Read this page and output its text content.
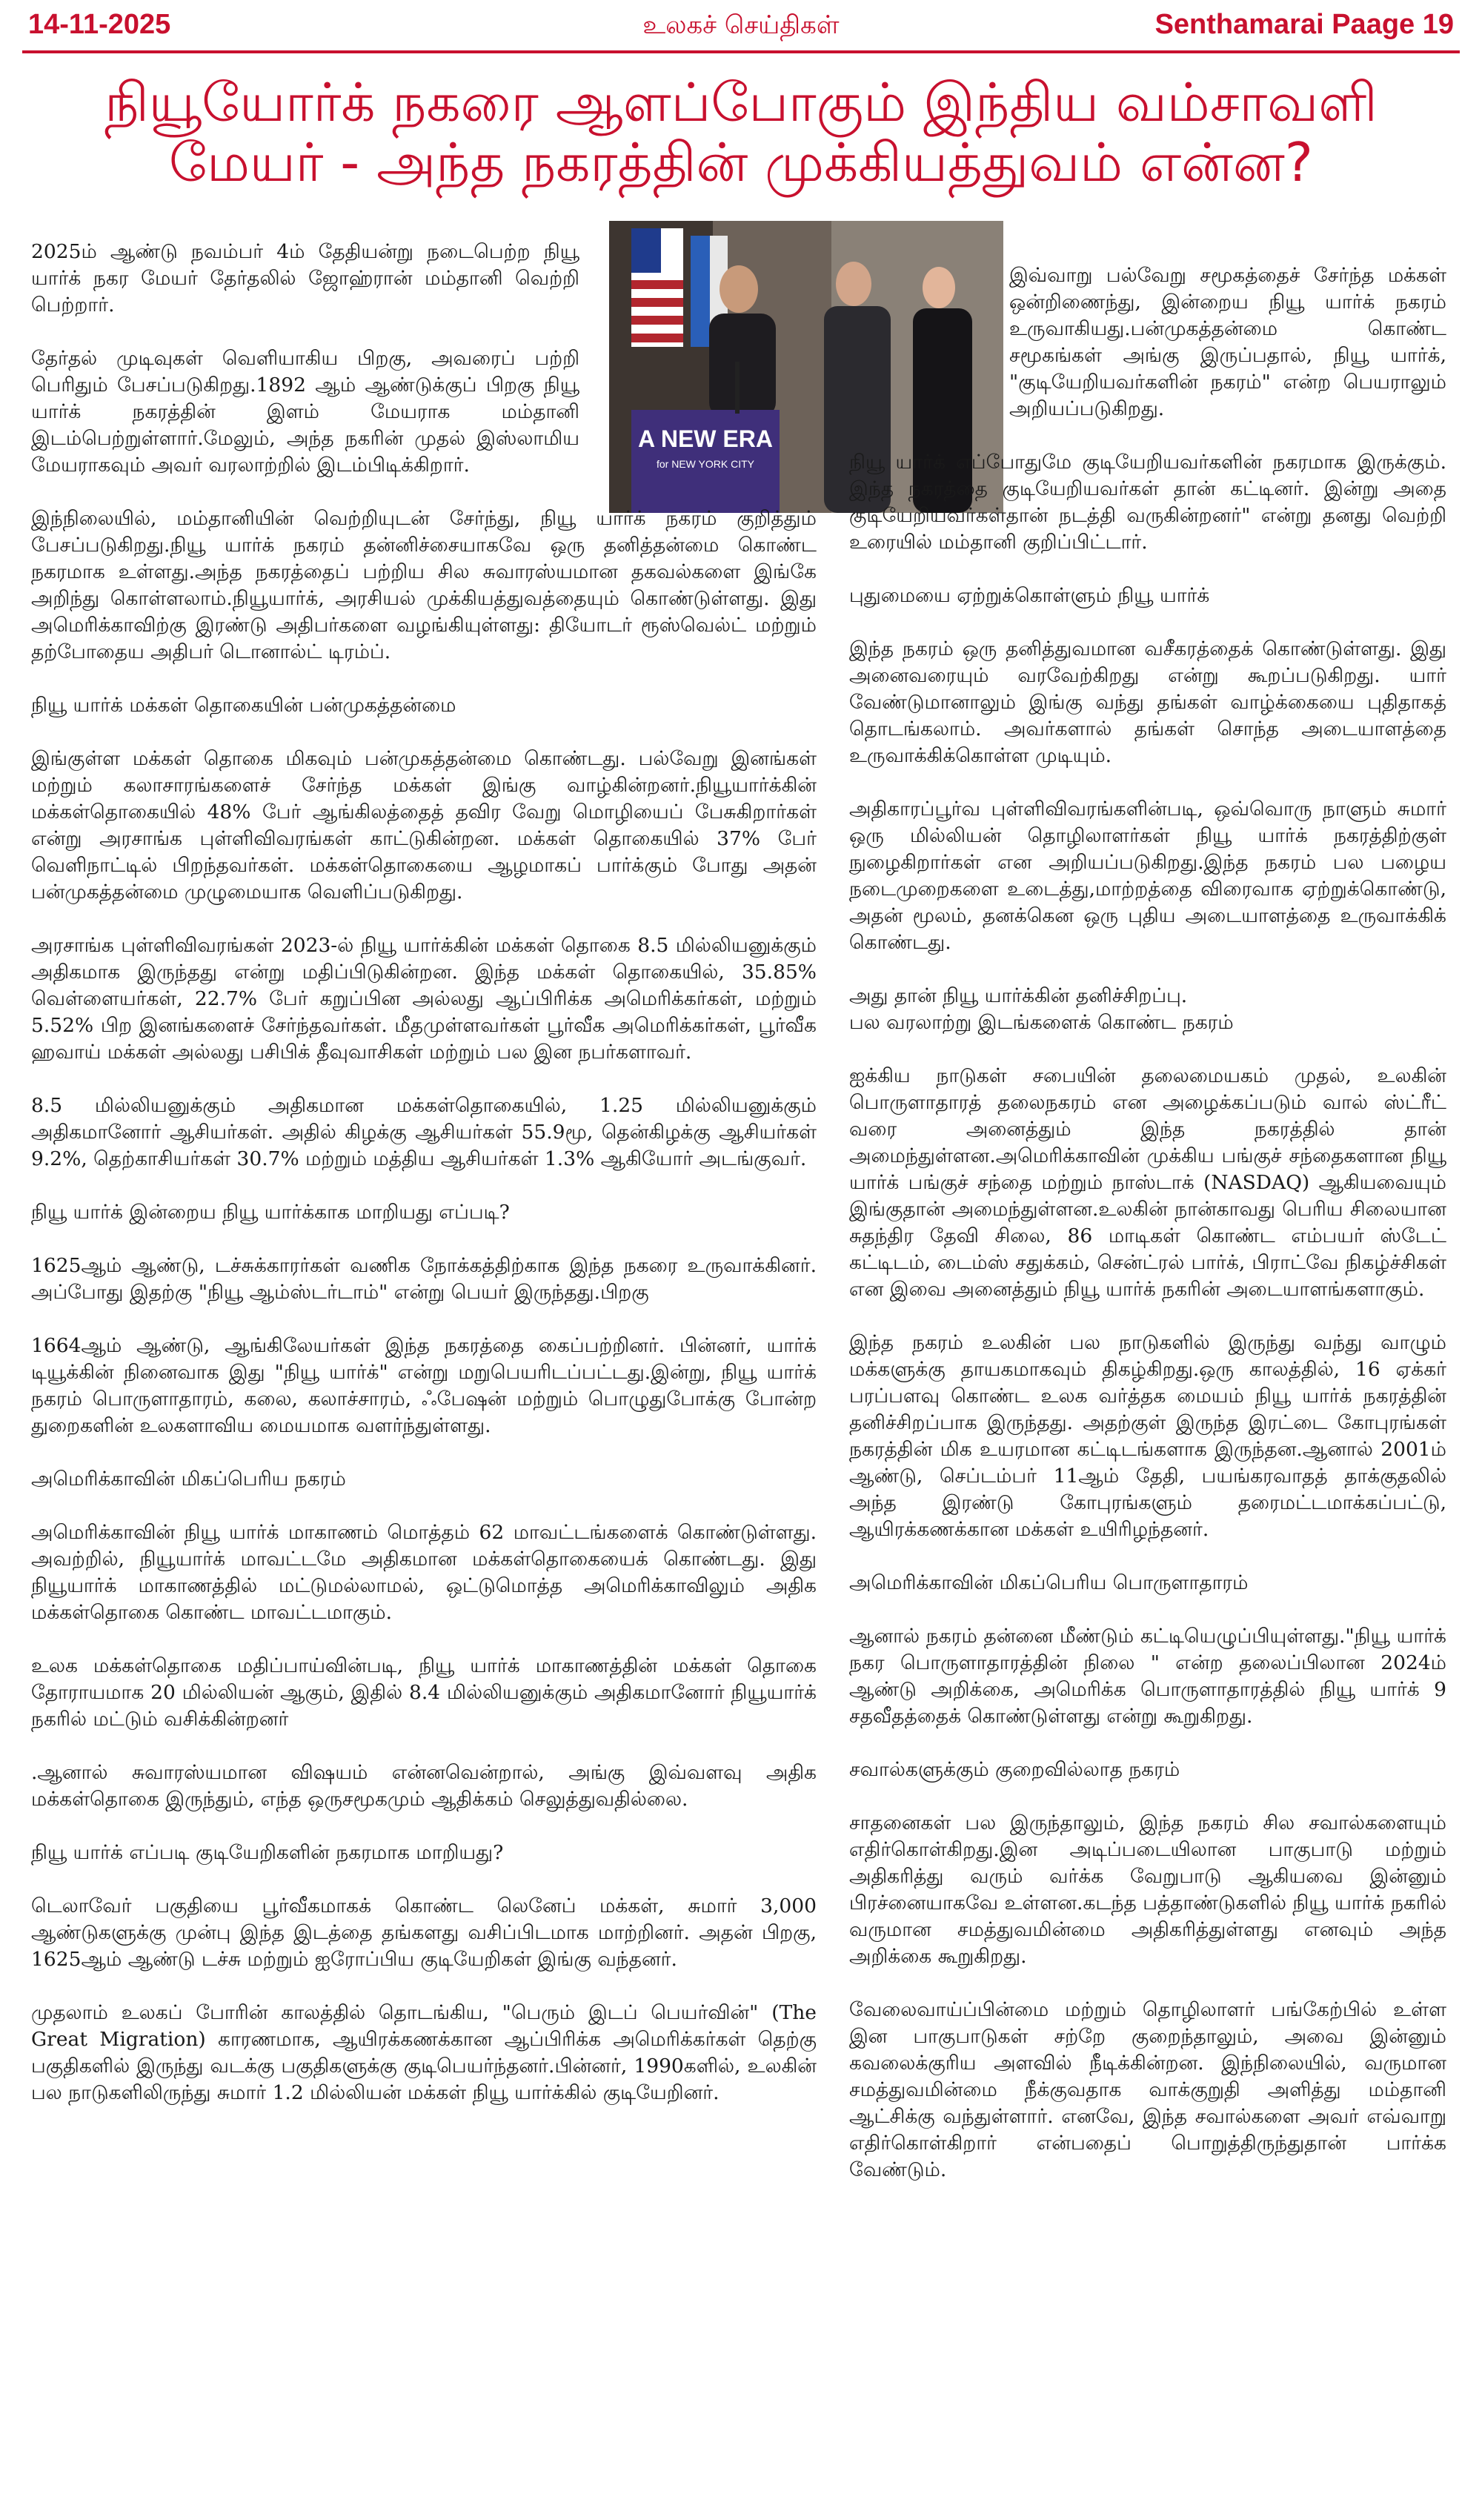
14-11-2025	உலகச் செய்திகள்	Senthamarai Paage 19
நியூயோர்க் நகரை ஆளப்போகும் இந்திய வம்சாவளி
மேயர் - அந்த நகரத்தின் முக்கியத்துவம் என்ன?
A NEW ERA
for NEW YORK CITY

2025ம் ஆண்டு நவம்பர் 4ம் தேதியன்று நடைபெற்ற நியூ யார்க் நகர மேயர் தேர்தலில் ஜோஹ்ரான் மம்தானி வெற்றி பெற்றார்.

தேர்தல் முடிவுகள் வெளியாகிய பிறகு, அவரைப் பற்றி பெரிதும் பேசப்படுகிறது.1892 ஆம் ஆண்டுக்குப் பிறகு நியூ யார்க் நகரத்தின் இளம் மேயராக மம்தானி இடம்பெற்றுள்ளார்.மேலும், அந்த நகரின் முதல் இஸ்லாமிய மேயராகவும் அவர் வரலாற்றில் இடம்பிடிக்கிறார்.

இந்நிலையில், மம்தானியின் வெற்றியுடன் சேர்ந்து, நியூ யார்க் நகரம் குறித்தும் பேசப்படுகிறது.நியூ யார்க் நகரம் தன்னிச்சையாகவே ஒரு தனித்தன்மை கொண்ட நகரமாக உள்ளது.அந்த நகரத்தைப் பற்றிய சில சுவாரஸ்யமான தகவல்களை இங்கே அறிந்து கொள்ளலாம்.நியூயார்க், அரசியல் முக்கியத்துவத்தையும் கொண்டுள்ளது. இது அமெரிக்காவிற்கு இரண்டு அதிபர்களை வழங்கியுள்ளது: தியோடர் ரூஸ்வெல்ட் மற்றும் தற்போதைய அதிபர் டொனால்ட் டிரம்ப்.

நியூ யார்க் மக்கள் தொகையின் பன்முகத்தன்மை

இங்குள்ள மக்கள் தொகை மிகவும் பன்முகத்தன்மை கொண்டது. பல்வேறு இனங்கள் மற்றும் கலாசாரங்களைச் சேர்ந்த மக்கள் இங்கு வாழ்கின்றனர்.நியூயார்க்கின் மக்கள்தொகையில் 48% பேர் ஆங்கிலத்தைத் தவிர வேறு மொழியைப் பேசுகிறார்கள் என்று அரசாங்க புள்ளிவிவரங்கள் காட்டுகின்றன. மக்கள் தொகையில் 37% பேர் வெளிநாட்டில் பிறந்தவர்கள். மக்கள்தொகையை ஆழமாகப் பார்க்கும் போது அதன் பன்முகத்தன்மை முழுமையாக வெளிப்படுகிறது.

அரசாங்க புள்ளிவிவரங்கள் 2023-ல் நியூ யார்க்கின் மக்கள் தொகை 8.5 மில்லியனுக்கும் அதிகமாக இருந்தது என்று மதிப்பிடுகின்றன. இந்த மக்கள் தொகையில், 35.85% வெள்ளையர்கள், 22.7% பேர் கறுப்பின அல்லது ஆப்பிரிக்க அமெரிக்கர்கள், மற்றும் 5.52% பிற இனங்களைச் சேர்ந்தவர்கள். மீதமுள்ளவர்கள் பூர்வீக அமெரிக்கர்கள், பூர்வீக ஹவாய் மக்கள் அல்லது பசிபிக் தீவுவாசிகள் மற்றும் பல இன நபர்களாவர்.

8.5 மில்லியனுக்கும் அதிகமான மக்கள்தொகையில், 1.25 மில்லியனுக்கும் அதிகமானோர் ஆசியர்கள். அதில் கிழக்கு ஆசியர்கள் 55.9மூ, தென்கிழக்கு ஆசியர்கள் 9.2%, தெற்காசியர்கள் 30.7% மற்றும் மத்திய ஆசியர்கள் 1.3% ஆகியோர் அடங்குவர்.

நியூ யார்க் இன்றைய நியூ யார்க்காக மாறியது எப்படி?

1625ஆம் ஆண்டு, டச்சுக்காரர்கள் வணிக நோக்கத்திற்காக இந்த நகரை உருவாக்கினர். அப்போது இதற்கு "நியூ ஆம்ஸ்டர்டாம்" என்று பெயர் இருந்தது.பிறகு

1664ஆம் ஆண்டு, ஆங்கிலேயர்கள் இந்த நகரத்தை கைப்பற்றினர். பின்னர், யார்க் டியூக்கின் நினைவாக இது "நியூ யார்க்" என்று மறுபெயரிடப்பட்டது.இன்று, நியூ யார்க் நகரம் பொருளாதாரம், கலை, கலாச்சாரம், ஃபேஷன் மற்றும் பொழுதுபோக்கு போன்ற துறைகளின் உலகளாவிய மையமாக வளர்ந்துள்ளது.

அமெரிக்காவின் மிகப்பெரிய நகரம்

அமெரிக்காவின் நியூ யார்க் மாகாணம் மொத்தம் 62 மாவட்டங்களைக் கொண்டுள்ளது. அவற்றில், நியூயார்க் மாவட்டமே அதிகமான மக்கள்தொகையைக் கொண்டது. இது நியூயார்க் மாகாணத்தில் மட்டுமல்லாமல், ஒட்டுமொத்த அமெரிக்காவிலும் அதிக மக்கள்தொகை கொண்ட மாவட்டமாகும்.

உலக மக்கள்தொகை மதிப்பாய்வின்படி, நியூ யார்க் மாகாணத்தின் மக்கள் தொகை தோராயமாக 20 மில்லியன் ஆகும், இதில் 8.4 மில்லியனுக்கும் அதிகமானோர் நியூயார்க் நகரில் மட்டும் வசிக்கின்றனர்

.ஆனால் சுவாரஸ்யமான விஷயம் என்னவென்றால், அங்கு இவ்வளவு அதிக மக்கள்தொகை இருந்தும், எந்த ஒருசமூகமும் ஆதிக்கம் செலுத்துவதில்லை.

நியூ யார்க் எப்படி குடியேறிகளின் நகரமாக மாறியது?

டெலாவேர் பகுதியை பூர்வீகமாகக் கொண்ட லெனேப் மக்கள், சுமார் 3,000 ஆண்டுகளுக்கு முன்பு இந்த இடத்தை தங்களது வசிப்பிடமாக மாற்றினர். அதன் பிறகு, 1625ஆம் ஆண்டு டச்சு மற்றும் ஐரோப்பிய குடியேறிகள் இங்கு வந்தனர்.

முதலாம் உலகப் போரின் காலத்தில் தொடங்கிய, "பெரும் இடப் பெயர்வின்" (The Great Migration) காரணமாக, ஆயிரக்கணக்கான ஆப்பிரிக்க அமெரிக்கர்கள் தெற்கு பகுதிகளில் இருந்து வடக்கு பகுதிகளுக்கு குடிபெயர்ந்தனர்.பின்னர், 1990களில், உலகின் பல நாடுகளிலிருந்து சுமார் 1.2 மில்லியன் மக்கள் நியூ யார்க்கில் குடியேறினர்.

இவ்வாறு பல்வேறு சமூகத்தைச் சேர்ந்த மக்கள் ஒன்றிணைந்து, இன்றைய நியூ யார்க் நகரம் உருவாகியது.பன்முகத்தன்மை கொண்ட சமூகங்கள் அங்கு இருப்பதால், நியூ யார்க், "குடியேறியவர்களின் நகரம்" என்ற பெயராலும் அறியப்படுகிறது.

நியூ யார்க் எப்போதுமே குடியேறியவர்களின் நகரமாக இருக்கும். இந்த நகரத்தை குடியேறியவர்கள் தான் கட்டினர். இன்று அதை குடியேறியவர்கள்தான் நடத்தி வருகின்றனர்" என்று தனது வெற்றி உரையில் மம்தானி குறிப்பிட்டார்.

புதுமையை ஏற்றுக்கொள்ளும் நியூ யார்க்

இந்த நகரம் ஒரு தனித்துவமான வசீகரத்தைக் கொண்டுள்ளது. இது அனைவரையும் வரவேற்கிறது என்று கூறப்படுகிறது. யார் வேண்டுமானாலும் இங்கு வந்து தங்கள் வாழ்க்கையை புதிதாகத் தொடங்கலாம். அவர்களால் தங்கள் சொந்த அடையாளத்தை உருவாக்கிக்கொள்ள முடியும்.

அதிகாரப்பூர்வ புள்ளிவிவரங்களின்படி, ஒவ்வொரு நாளும் சுமார் ஒரு மில்லியன் தொழிலாளர்கள் நியூ யார்க் நகரத்திற்குள் நுழைகிறார்கள் என அறியப்படுகிறது.இந்த நகரம் பல பழைய நடைமுறைகளை உடைத்து,மாற்றத்தை விரைவாக ஏற்றுக்கொண்டு, அதன் மூலம், தனக்கென ஒரு புதிய அடையாளத்தை உருவாக்கிக் கொண்டது.

அது தான் நியூ யார்க்கின் தனிச்சிறப்பு.
பல வரலாற்று இடங்களைக் கொண்ட நகரம்

ஐக்கிய நாடுகள் சபையின் தலைமையகம் முதல், உலகின் பொருளாதாரத் தலைநகரம் என அழைக்கப்படும் வால் ஸ்ட்ரீட் வரை அனைத்தும் இந்த நகரத்தில் தான் அமைந்துள்ளன.அமெரிக்காவின் முக்கிய பங்குச் சந்தைகளான நியூ யார்க் பங்குச் சந்தை மற்றும் நாஸ்டாக் (NASDAQ) ஆகியவையும் இங்குதான் அமைந்துள்ளன.உலகின் நான்காவது பெரிய சிலையான சுதந்திர தேவி சிலை, 86 மாடிகள் கொண்ட எம்பயர் ஸ்டேட் கட்டிடம், டைம்ஸ் சதுக்கம், சென்ட்ரல் பார்க், பிராட்வே நிகழ்ச்சிகள் என இவை அனைத்தும் நியூ யார்க் நகரின் அடையாளங்களாகும்.

இந்த நகரம் உலகின் பல நாடுகளில் இருந்து வந்து வாழும் மக்களுக்கு தாயகமாகவும் திகழ்கிறது.ஒரு காலத்தில், 16 ஏக்கர் பரப்பளவு கொண்ட உலக வர்த்தக மையம் நியூ யார்க் நகரத்தின் தனிச்சிறப்பாக இருந்தது. அதற்குள் இருந்த இரட்டை கோபுரங்கள் நகரத்தின் மிக உயரமான கட்டிடங்களாக இருந்தன.ஆனால் 2001ம் ஆண்டு, செப்டம்பர் 11ஆம் தேதி, பயங்கரவாதத் தாக்குதலில் அந்த இரண்டு கோபுரங்களும் தரைமட்டமாக்கப்பட்டு, ஆயிரக்கணக்கான மக்கள் உயிரிழந்தனர்.

அமெரிக்காவின் மிகப்பெரிய பொருளாதாரம்

ஆனால் நகரம் தன்னை மீண்டும் கட்டியெழுப்பியுள்ளது."நியூ யார்க் நகர பொருளாதாரத்தின் நிலை " என்ற தலைப்பிலான 2024ம் ஆண்டு அறிக்கை, அமெரிக்க பொருளாதாரத்தில் நியூ யார்க் 9 சதவீதத்தைக் கொண்டுள்ளது என்று கூறுகிறது.

சவால்களுக்கும் குறைவில்லாத நகரம்

சாதனைகள் பல இருந்தாலும், இந்த நகரம் சில சவால்களையும் எதிர்கொள்கிறது.இன அடிப்படையிலான பாகுபாடு மற்றும் அதிகரித்து வரும் வர்க்க வேறுபாடு ஆகியவை இன்னும் பிரச்னையாகவே உள்ளன.கடந்த பத்தாண்டுகளில் நியூ யார்க் நகரில் வருமான சமத்துவமின்மை அதிகரித்துள்ளது எனவும் அந்த அறிக்கை கூறுகிறது.

வேலைவாய்ப்பின்மை மற்றும் தொழிலாளர் பங்கேற்பில் உள்ள இன பாகுபாடுகள் சற்றே குறைந்தாலும், அவை இன்னும் கவலைக்குரிய அளவில் நீடிக்கின்றன. இந்நிலையில், வருமான சமத்துவமின்மை நீக்குவதாக வாக்குறுதி அளித்து மம்தானி ஆட்சிக்கு வந்துள்ளார். எனவே, இந்த சவால்களை அவர் எவ்வாறு எதிர்கொள்கிறார் என்பதைப் பொறுத்திருந்துதான் பார்க்க வேண்டும்.
